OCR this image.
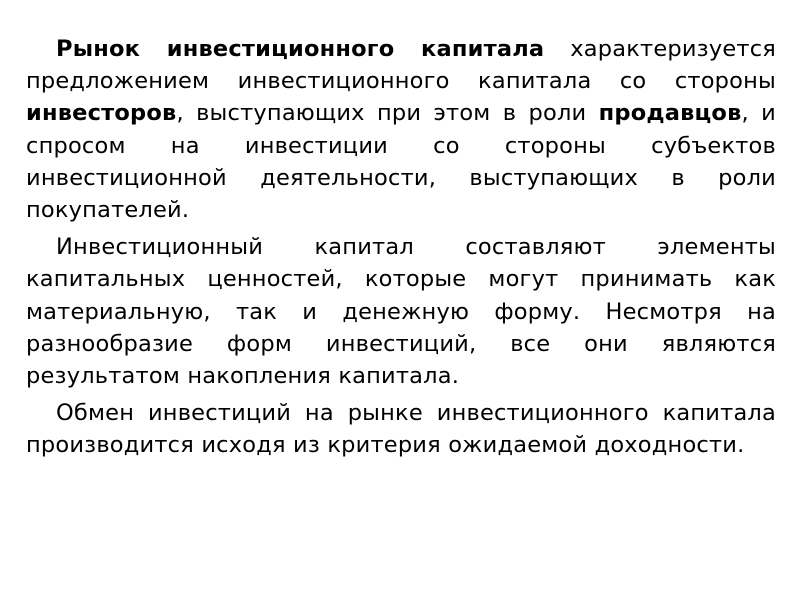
Рынок инвестиционного капитала характеризуется предложением инвестиционного капитала со стороны инвесторов, выступающих при этом в роли продавцов, и спросом на инвестиции со стороны субъектов инвестиционной деятельности, выступающих в роли покупателей.

Инвестиционный капитал составляют элементы капитальных ценностей, которые могут принимать как материальную, так и денежную форму. Несмотря на разнообразие форм инвестиций, все они являются результатом накопления капитала.

Обмен инвестиций на рынке инвестиционного капитала производится исходя из критерия ожидаемой доходности.
